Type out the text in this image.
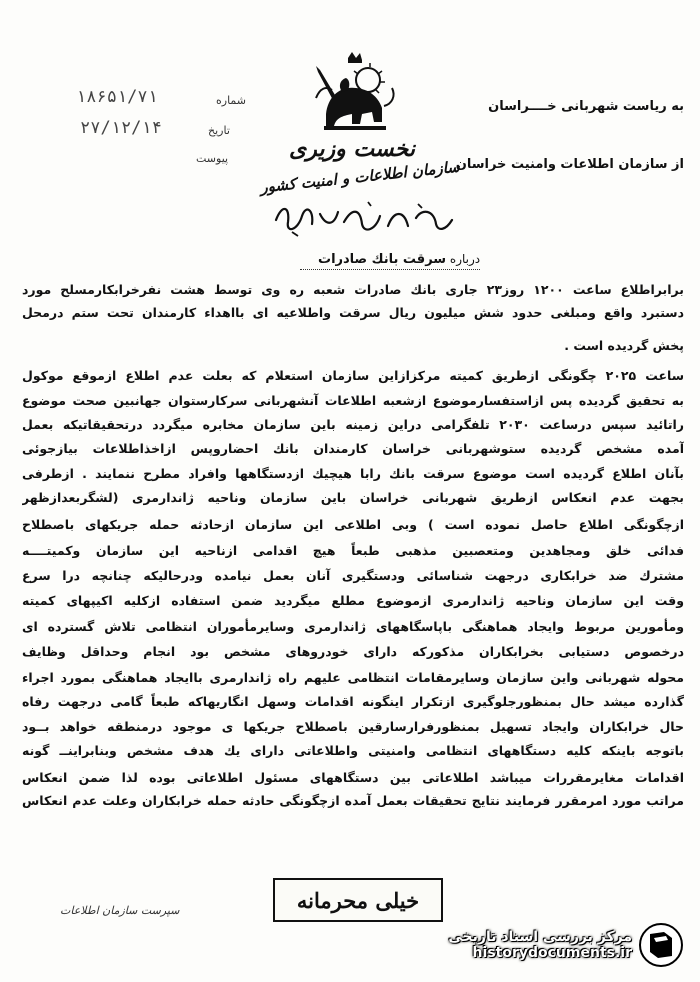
نخست وزیری
سازمان اطلاعات و امنیت کشور
شماره
۱۸۶۵۱/۷۱
تاریخ
۲۷/۱۲/۱۴
پیوست
به ریاست شهربانی خــــراسان
از سازمان اطلاعات وامنیت خراسان
درباره سرقت بانك صادرات
برابراطلاع ساعت ۱۲۰۰ روز۲۳ جاری بانك صادرات شعبه ره وی توسط هشت نفرخرابکارمسلح مورد
دستبرد واقع ومبلغی حدود شش میلیون ریال سرقت واطلاعیه ای بااهداء کارمندان تحت ستم درمحل
پخش گردیده است .
ساعت ۲۰۲۵ چگونگی ازطریق کمیته مرکزازاین سازمان استعلام که بعلت عدم اطلاع ازموقع موکول
به تحقیق گردیده پس ازاستفسارموضوع ازشعبه اطلاعات آنشهربانی سرکارستوان جهانبین صحت موضوع
راتائید سپس درساعت ۲۰۳۰ تلفگرامی دراین زمینه باین سازمان مخابره میگردد درتحقیقاتیکه بعمل
آمده مشخص گردیده ستوشهربانی خراسان کارمندان بانك احضاروپس ازاخذاطلاعات بیازجوئی
بآنان اطلاع گردیده است موضوع سرقت بانك رابا هیچیك ازدستگاهها وافراد مطرح ننمایند . ازطرفی
بجهت عدم انعکاس ازطریق شهربانی خراسان باین سازمان وناحیه ژاندارمری (لشگربعدازظهر
ازچگونگی اطلاع حاصل نموده است ) وبی اطلاعی این سازمان ازحادثه حمله جریکهای باصطلاح
فدائی خلق ومجاهدین ومتعصبین مذهبی طبعاً هیچ اقدامی ازناحیه این سازمان وکمیتــــه
مشترك ضد خرابکاری درجهت شناسائی ودستگیری آنان بعمل نیامده ودرحالیکه چنانچه درا سرع
وقت این سازمان وناحیه ژاندارمری ازموضوع مطلع میگردید ضمن استفاده ازکلیه اکیپهای کمیته
ومأمورین مربوط وایجاد هماهنگی باپاسگاههای ژاندارمری وسایرمأموران انتظامی تلاش گسترده ای
درخصوص دستیابی بخرابکاران مذکورکه دارای خودروهای مشخص بود انجام وحداقل وظایف
محوله شهربانی واین سازمان وسایرمقامات انتظامی علیهم راه ژاندارمری باایجاد هماهنگی بمورد اجراء
گذارده میشد حال بمنظورجلوگیری ازتکرار اینگونه اقدامات وسهل انگاریهاکه طبعاً گامی درجهت رفاه
حال خرابکاران وایجاد تسهیل بمنظورفرارسارقین باصطلاح جریکها ی موجود درمنطقه خواهد بــود
باتوجه باینکه کلیه دستگاههای انتظامی وامنیتی واطلاعاتی دارای یك هدف مشخص وبنابراینــ گونه
اقدامات مغایرمقررات میباشد اطلاعاتی بین دستگاههای مسئول اطلاعاتی بوده لذا ضمن انعکاس
مراتب مورد امرمقرر فرمایند نتایج تحقیقات بعمل آمده ازچگونگی حادثه حمله خرابکاران وعلت عدم انعکاس
سپرست سازمان اطلاعات	خیلی محرمانه
مرکز بررسی اسناد تاریخی
historydocuments.ir
